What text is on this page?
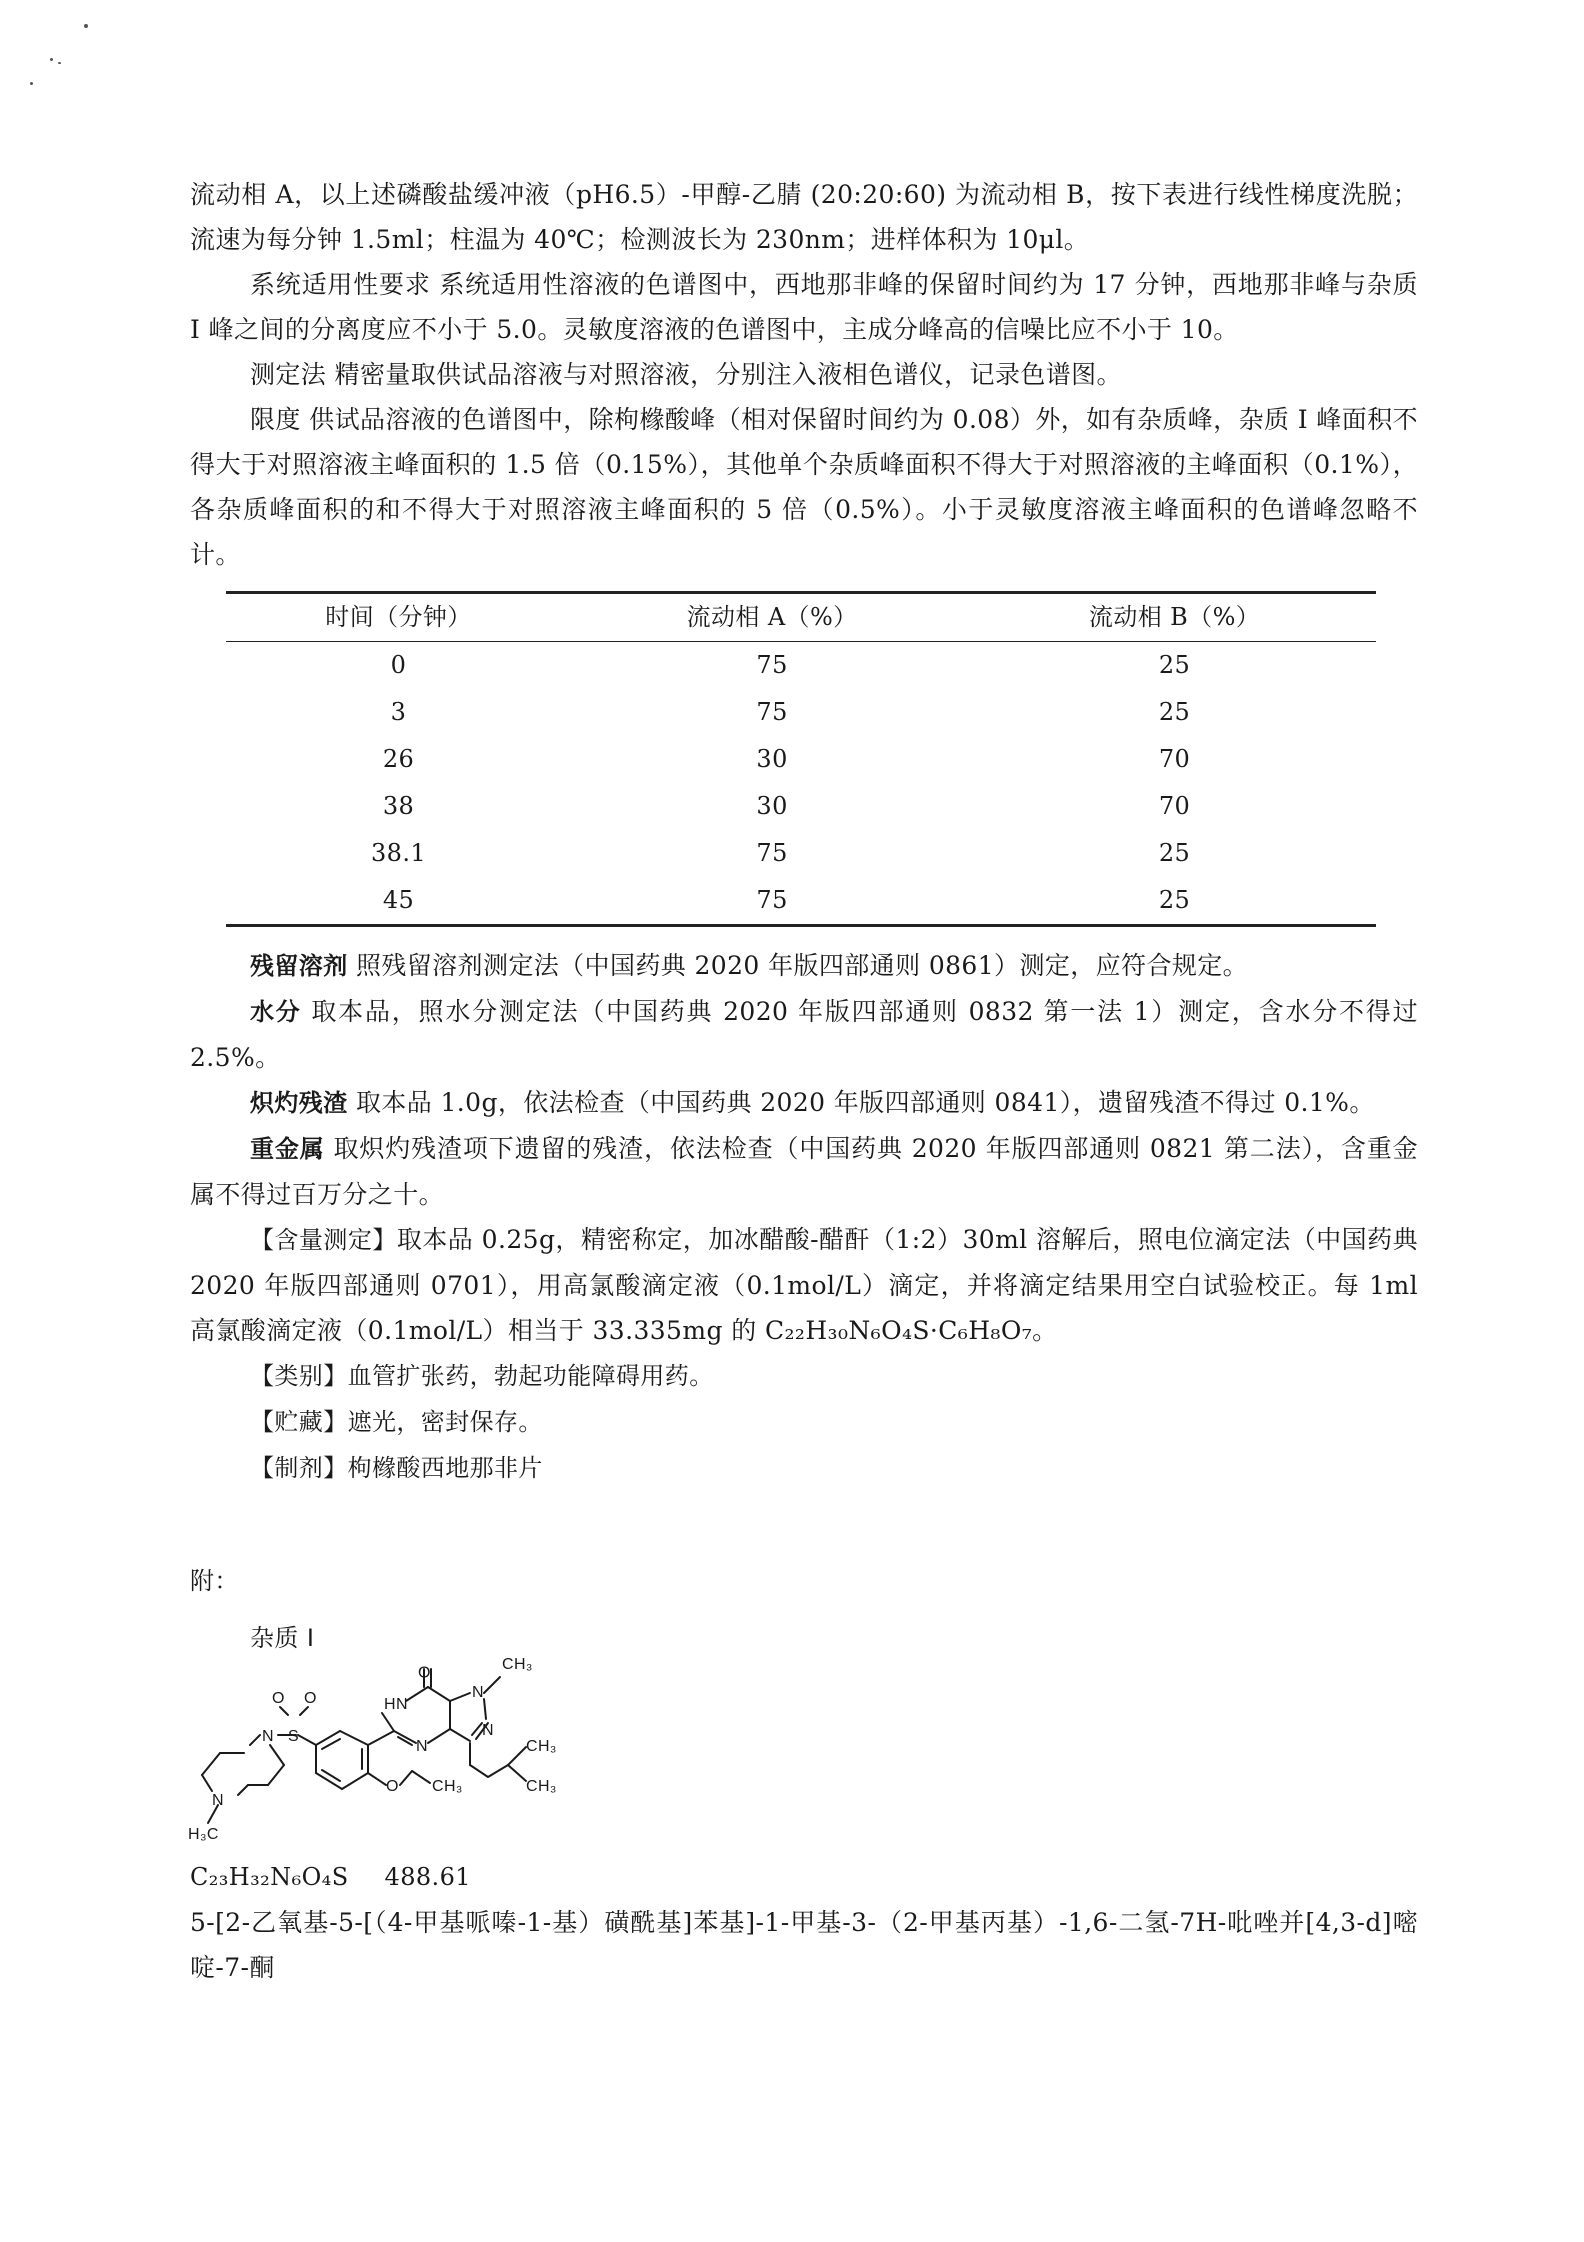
流动相 A，以上述磷酸盐缓冲液（pH6.5）-甲醇-乙腈 (20:20:60) 为流动相 B，按下表进行线性梯度洗脱；流速为每分钟 1.5ml；柱温为 40℃；检测波长为 230nm；进样体积为 10μl。

系统适用性要求 系统适用性溶液的色谱图中，西地那非峰的保留时间约为 17 分钟，西地那非峰与杂质 Ⅰ 峰之间的分离度应不小于 5.0。灵敏度溶液的色谱图中，主成分峰高的信噪比应不小于 10。

测定法 精密量取供试品溶液与对照溶液，分别注入液相色谱仪，记录色谱图。

限度 供试品溶液的色谱图中，除枸橼酸峰（相对保留时间约为 0.08）外，如有杂质峰，杂质 Ⅰ 峰面积不得大于对照溶液主峰面积的 1.5 倍（0.15%），其他单个杂质峰面积不得大于对照溶液的主峰面积（0.1%），各杂质峰面积的和不得大于对照溶液主峰面积的 5 倍（0.5%）。小于灵敏度溶液主峰面积的色谱峰忽略不计。

时间（分钟）	流动相 A（%）	流动相 B（%）
0	75	25
3	75	25
26	30	70
38	30	70
38.1	75	25
45	75	25

残留溶剂 照残留溶剂测定法（中国药典 2020 年版四部通则 0861）测定，应符合规定。

水分 取本品，照水分测定法（中国药典 2020 年版四部通则 0832 第一法 1）测定，含水分不得过 2.5%。

炽灼残渣 取本品 1.0g，依法检查（中国药典 2020 年版四部通则 0841），遗留残渣不得过 0.1%。

重金属 取炽灼残渣项下遗留的残渣，依法检查（中国药典 2020 年版四部通则 0821 第二法），含重金属不得过百万分之十。

【含量测定】取本品 0.25g，精密称定，加冰醋酸-醋酐（1:2）30ml 溶解后，照电位滴定法（中国药典 2020 年版四部通则 0701），用高氯酸滴定液（0.1mol/L）滴定，并将滴定结果用空白试验校正。每 1ml 高氯酸滴定液（0.1mol/L）相当于 33.335mg 的 C₂₂H₃₀N₆O₄S·C₆H₈O₇。

【类别】血管扩张药，勃起功能障碍用药。

【贮藏】遮光，密封保存。

【制剂】枸橼酸西地那非片

附：

杂质 Ⅰ

O	CH₃
N
N
HN
N
O O
S
N
N
H₃C
O CH₃
CH₃
CH₃

C₂₃H₃₂N₆O₄S 488.61

5-[2-乙氧基-5-[（4-甲基哌嗪-1-基）磺酰基]苯基]-1-甲基-3-（2-甲基丙基）-1,6-二氢-7H-吡唑并[4,3-d]嘧啶-7-酮
